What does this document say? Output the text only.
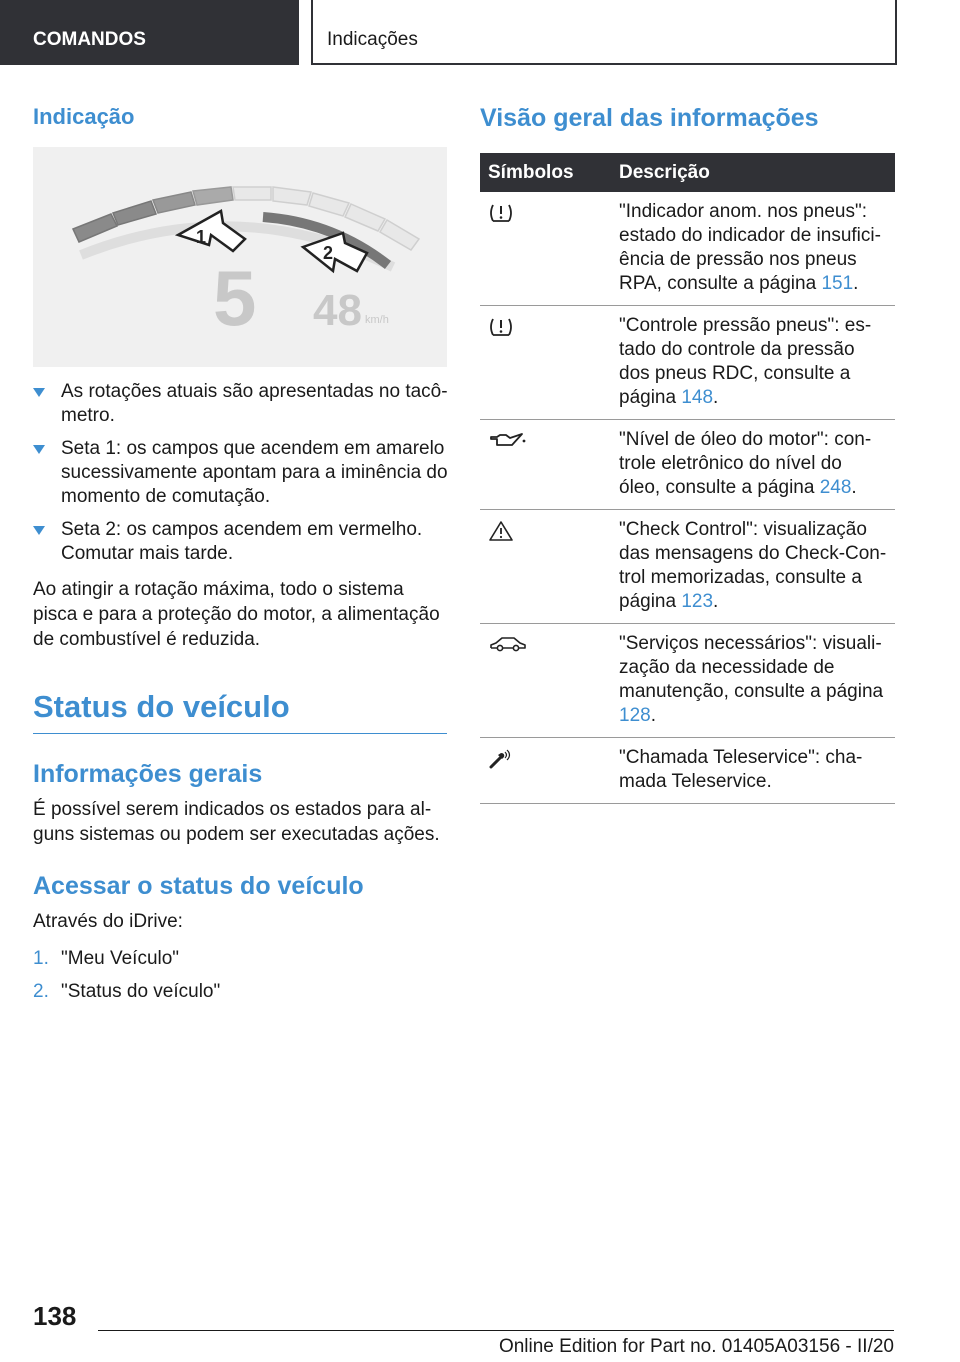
COMANDOS	Indicações
Indicação
1
2
5 48 km/h
As rotações atuais são apresentadas no tacômetro.
Seta 1: os campos que acendem em amarelo sucessivamente apontam para a iminência do momento de comutação.
Seta 2: os campos acendem em vermelho. Comutar mais tarde.

Ao atingir a rotação máxima, todo o sistema pisca e para a proteção do motor, a alimentação de combustível é reduzida.

Status do veículo
Informações gerais

É possível serem indicados os estados para alguns sistemas ou podem ser executadas ações.

Acessar o status do veículo

Através do iDrive:

1. "Meu Veículo"
2. "Status do veículo"
Visão geral das informações
Símbolos	Descrição

	"Indicador anom. nos pneus": estado do indicador de insuficiência de pressão nos pneus RPA, consulte a página 151.

	"Controle pressão pneus": estado do controle da pressão dos pneus RDC, consulte a página 148.

	"Nível de óleo do motor": controle eletrônico do nível do óleo, consulte a página 248.

	"Check Control": visualização das mensagens do Check-Control memorizadas, consulte a página 123.

	"Serviços necessários": visualização da necessidade de manutenção, consulte a página 128.

	"Chamada Teleservice": chamada Teleservice.
138
Online Edition for Part no. 01405A03156 - II/20
